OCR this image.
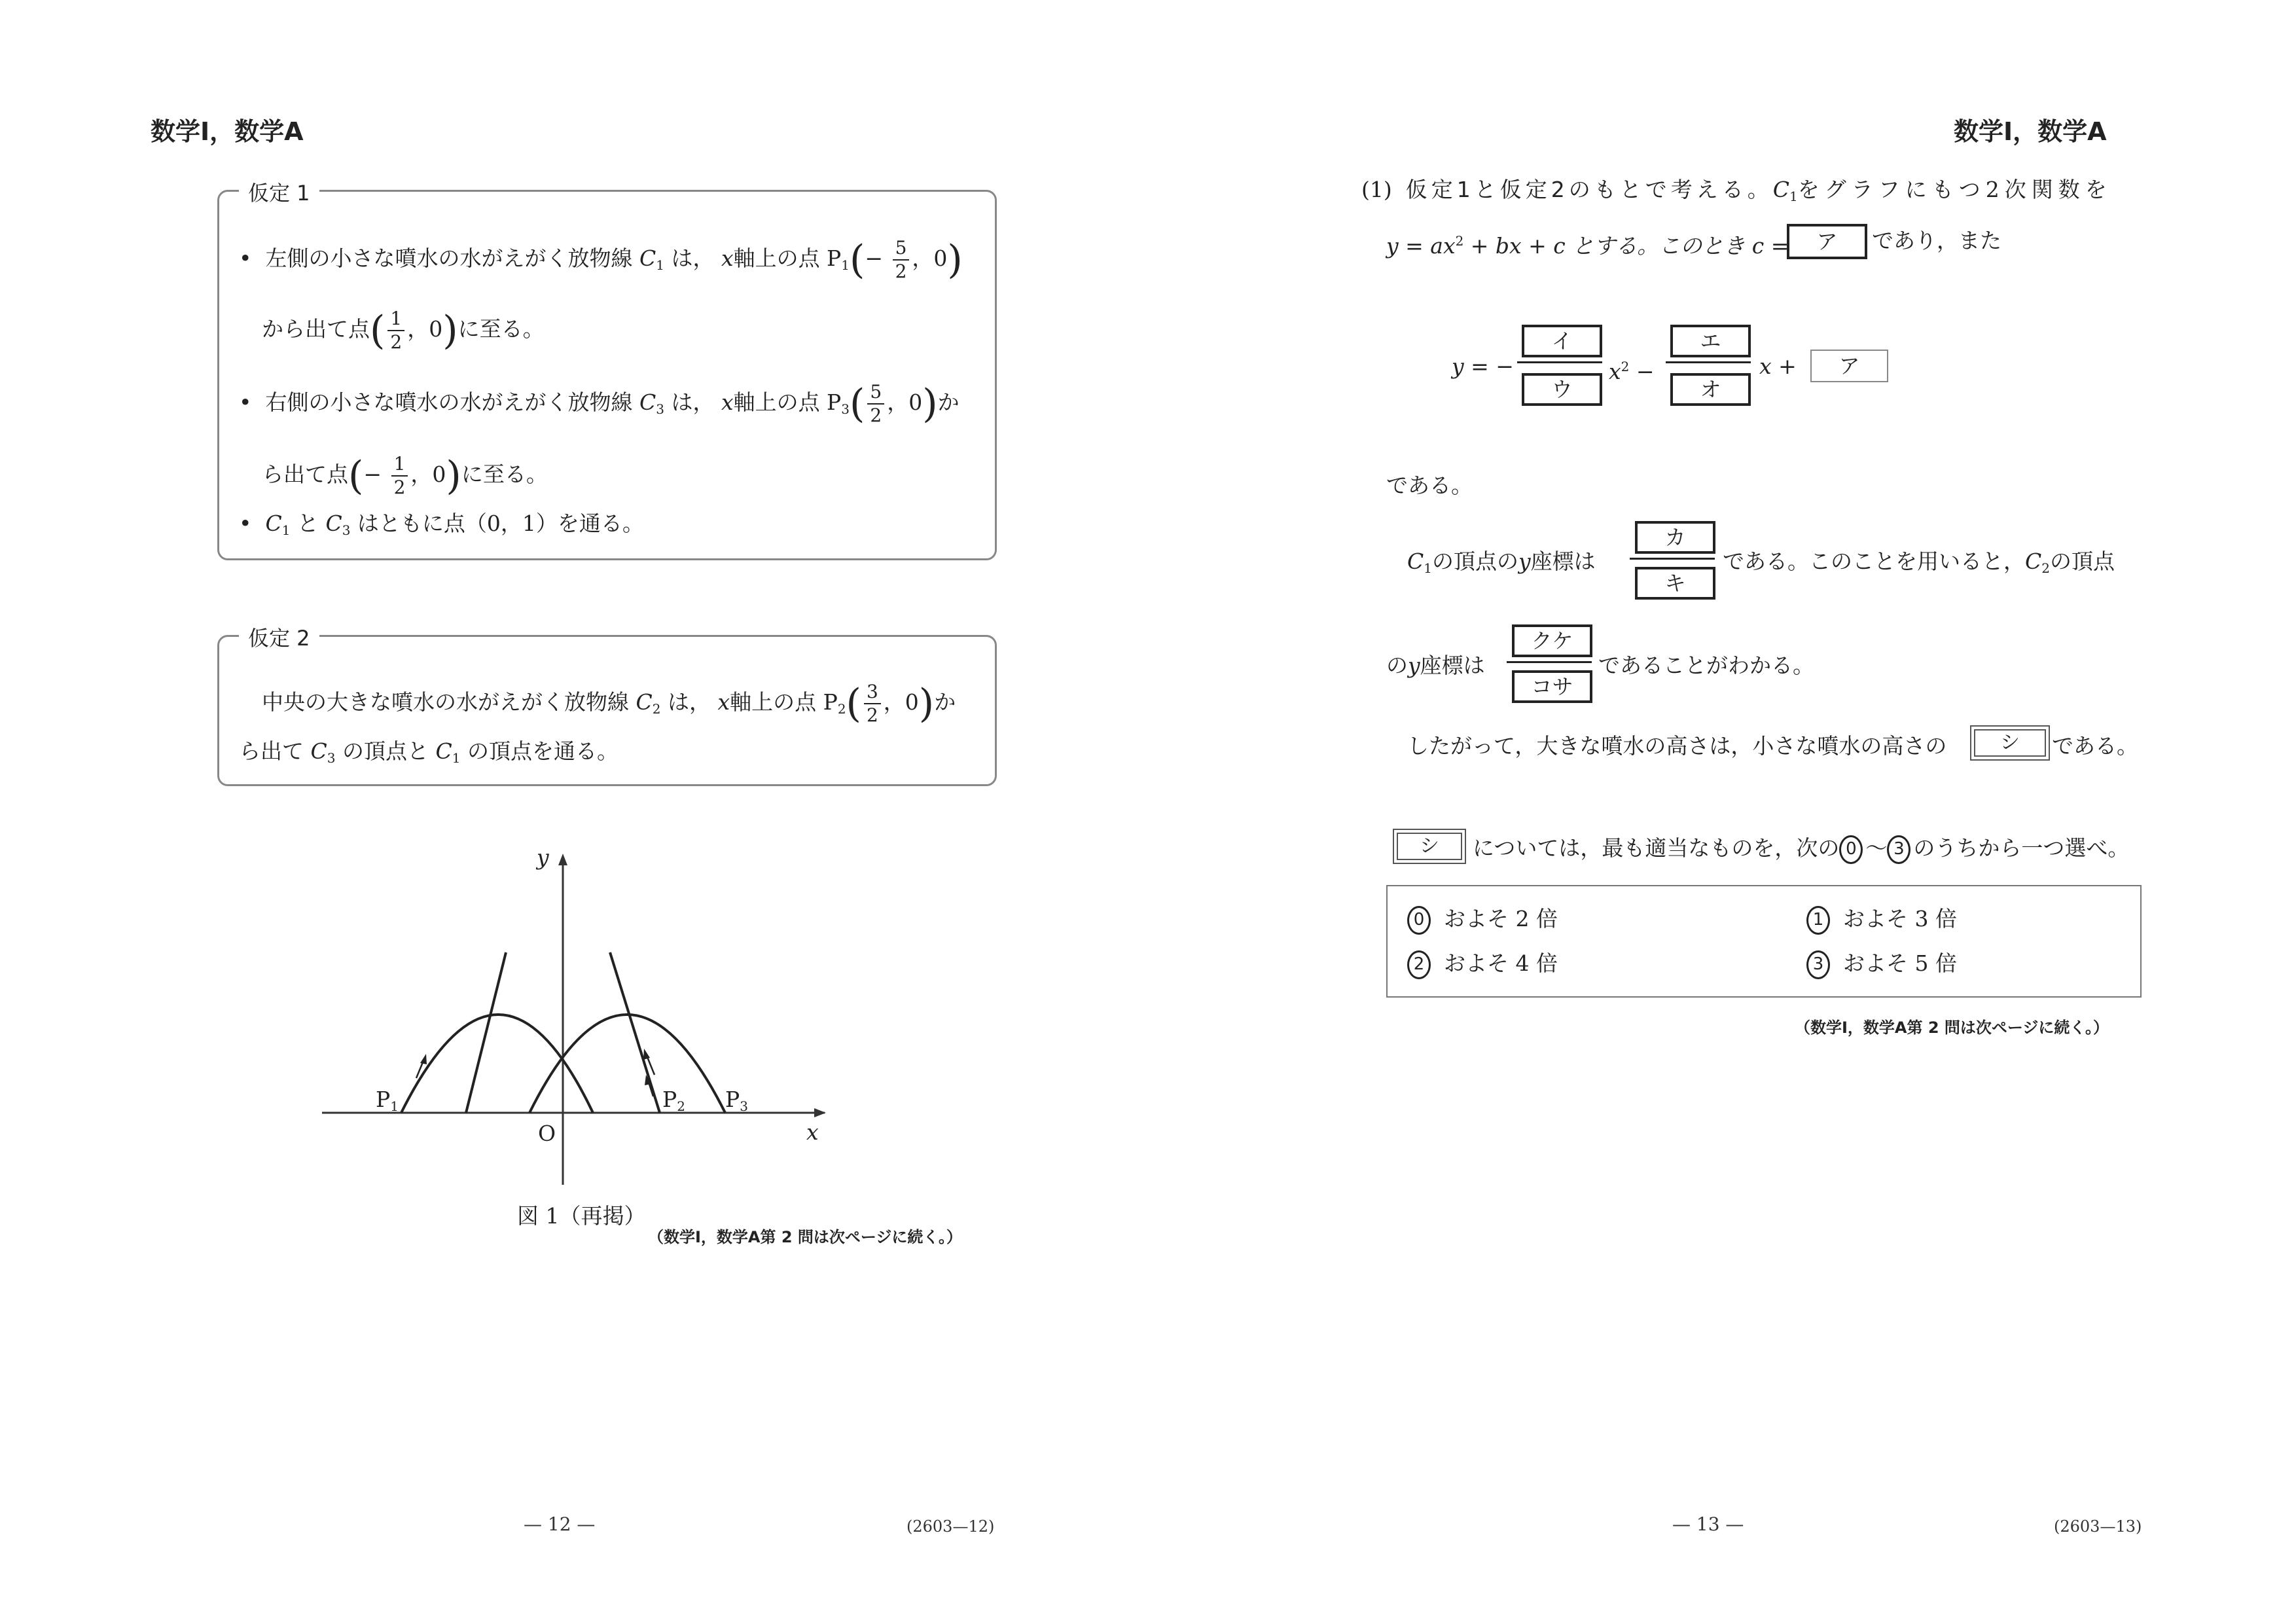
数学Ⅰ，数学A
仮定 1
• 左側の小さな噴水の水がえがく放物線 $C_1$ は， x軸上の点 $P_1(- \frac{5}{2}$ ，0)
から出て点( $\frac{1}{2}$ ，0)に至る。
• 右側の小さな噴水の水がえがく放物線 $C_3$ は， x軸上の点 $P_3( \frac{5}{2}$ ，0)か
ら出て点(− $\frac{1}{2}$ ，0)に至る。
• $C_1$ と $C_3$ はともに点（0，1）を通る。
仮定 2
中央の大きな噴水の水がえがく放物線 $C_2$ は， x軸上の点 $P_2( \frac{3}{2}$ ，0)か
ら出て $C_3$ の頂点と $C_1$ の頂点を通る。
y
x
O
$P_1$	$P_2$ $P_3$
図 1（再掲）
（数学Ⅰ，数学A第 2 問は次ページに続く。）
— 12 —	(2603—12)
数学Ⅰ，数学A
(1) 仮定1と仮定2のもとで考える。$C_1$をグラフにもつ2次関数を
$y = ax^2$ + bx + c とする。このとき c =	ア	であり，また
y = −
イ
ウ
$x^2$ −
エ
オ
x +	ア
である。
$C_1$の頂点のy座標は
カ
キ
である。このことを用いると，$C_2$の頂点
のy座標は
クケ
コサ
であることがわかる。
したがって，大きな噴水の高さは，小さな噴水の高さの	シ	である。
シ	については，最も適当なものを，次の 0 〜 3 のうちから一つ選べ。
0 およそ 2 倍	1 およそ 3 倍
2 およそ 4 倍	3 およそ 5 倍
（数学Ⅰ，数学A第 2 問は次ページに続く。）
— 13 —	(2603—13)
